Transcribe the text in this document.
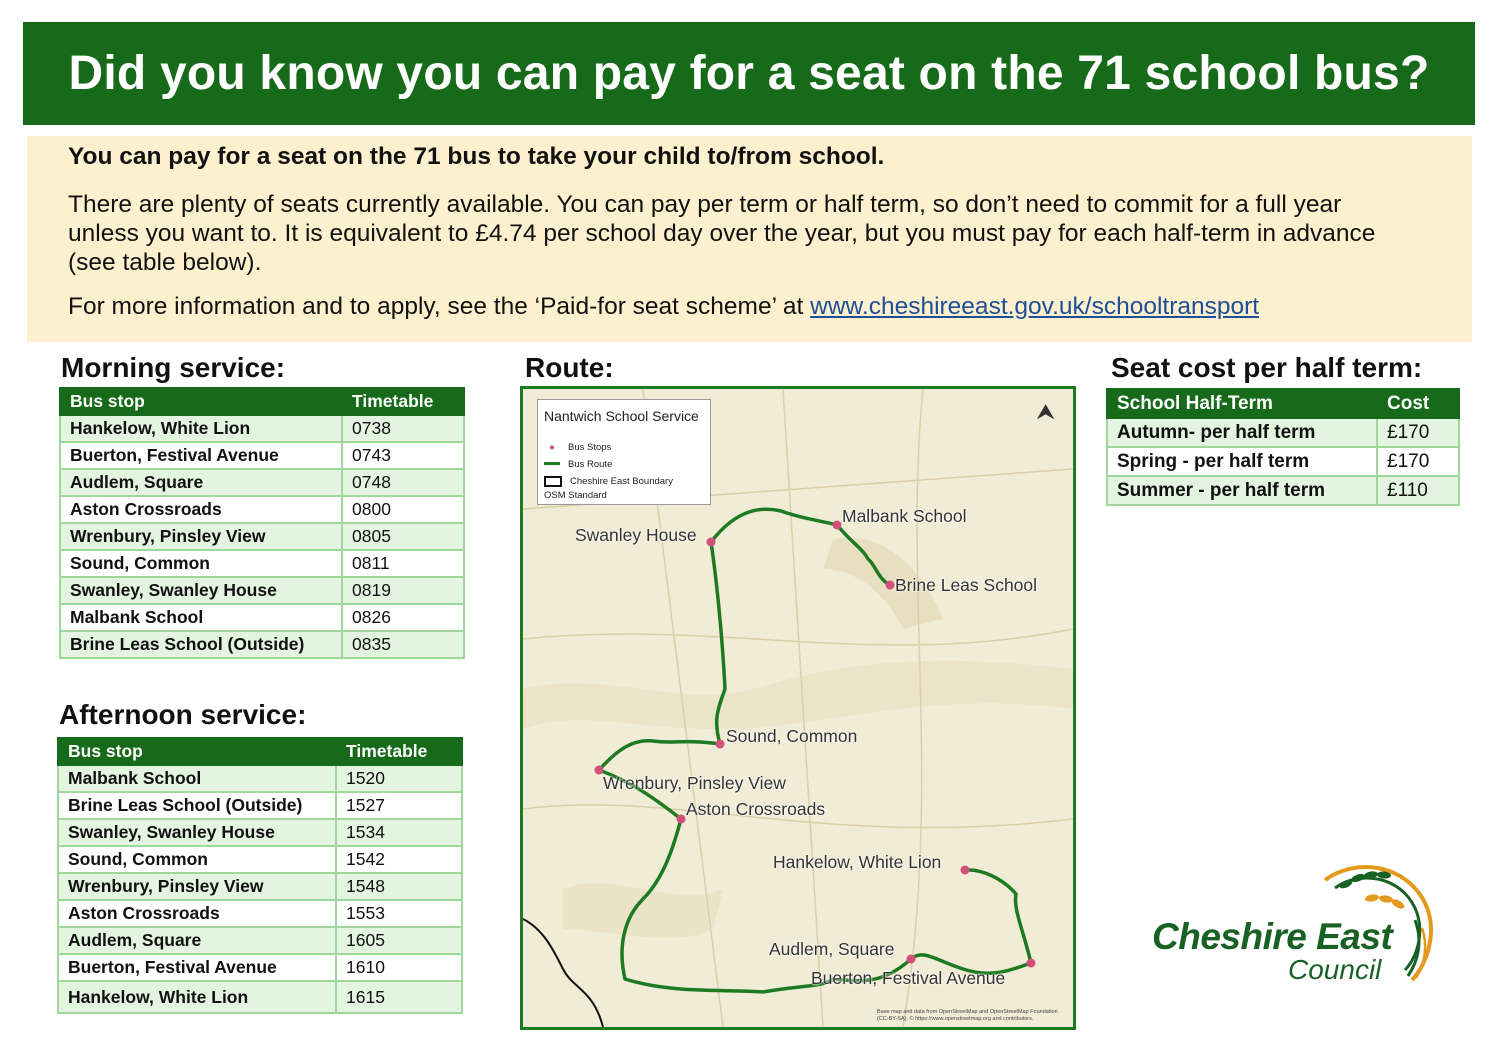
Did you know you can pay for a seat on the 71 school bus?

You can pay for a seat on the 71 bus to take your child to/from school.

There are plenty of seats currently available. You can pay per term or half term, so don’t need to commit for a full year unless you want to. It is equivalent to £4.74 per school day over the year, but you must pay for each half-term in advance (see table below).

For more information and to apply, see the ‘Paid-for seat scheme’ at www.cheshireeast.gov.uk/schooltransport

Morning service:
Bus stop	Timetable
Hankelow, White Lion	0738
Buerton, Festival Avenue	0743
Audlem, Square	0748
Aston Crossroads	0800
Wrenbury, Pinsley View	0805
Sound, Common	0811
Swanley, Swanley House	0819
Malbank School	0826
Brine Leas School (Outside)	0835
Afternoon service:
Bus stop	Timetable
Malbank School	1520
Brine Leas School (Outside)	1527
Swanley, Swanley House	1534
Sound, Common	1542
Wrenbury, Pinsley View	1548
Aston Crossroads	1553
Audlem, Square	1605
Buerton, Festival Avenue	1610
Hankelow, White Lion	1615
Route:
Nantwich School Service
● Bus Stops
Bus Route
Cheshire East Boundary
OSM Standard
⮝
Base map and data from OpenStreetMap and OpenStreetMap Foundation (CC-BY-SA). © https://www.openstreetmap.org and contributors.
Swanley House
Malbank School
Brine Leas School
Sound, Common
Wrenbury, Pinsley View
Aston Crossroads
Hankelow, White Lion
Audlem, Square
Buerton, Festival Avenue
Seat cost per half term:
School Half-Term	Cost
Autumn- per half term	£170
Spring - per half term	£170
Summer - per half term	£110
Cheshire East
Council
